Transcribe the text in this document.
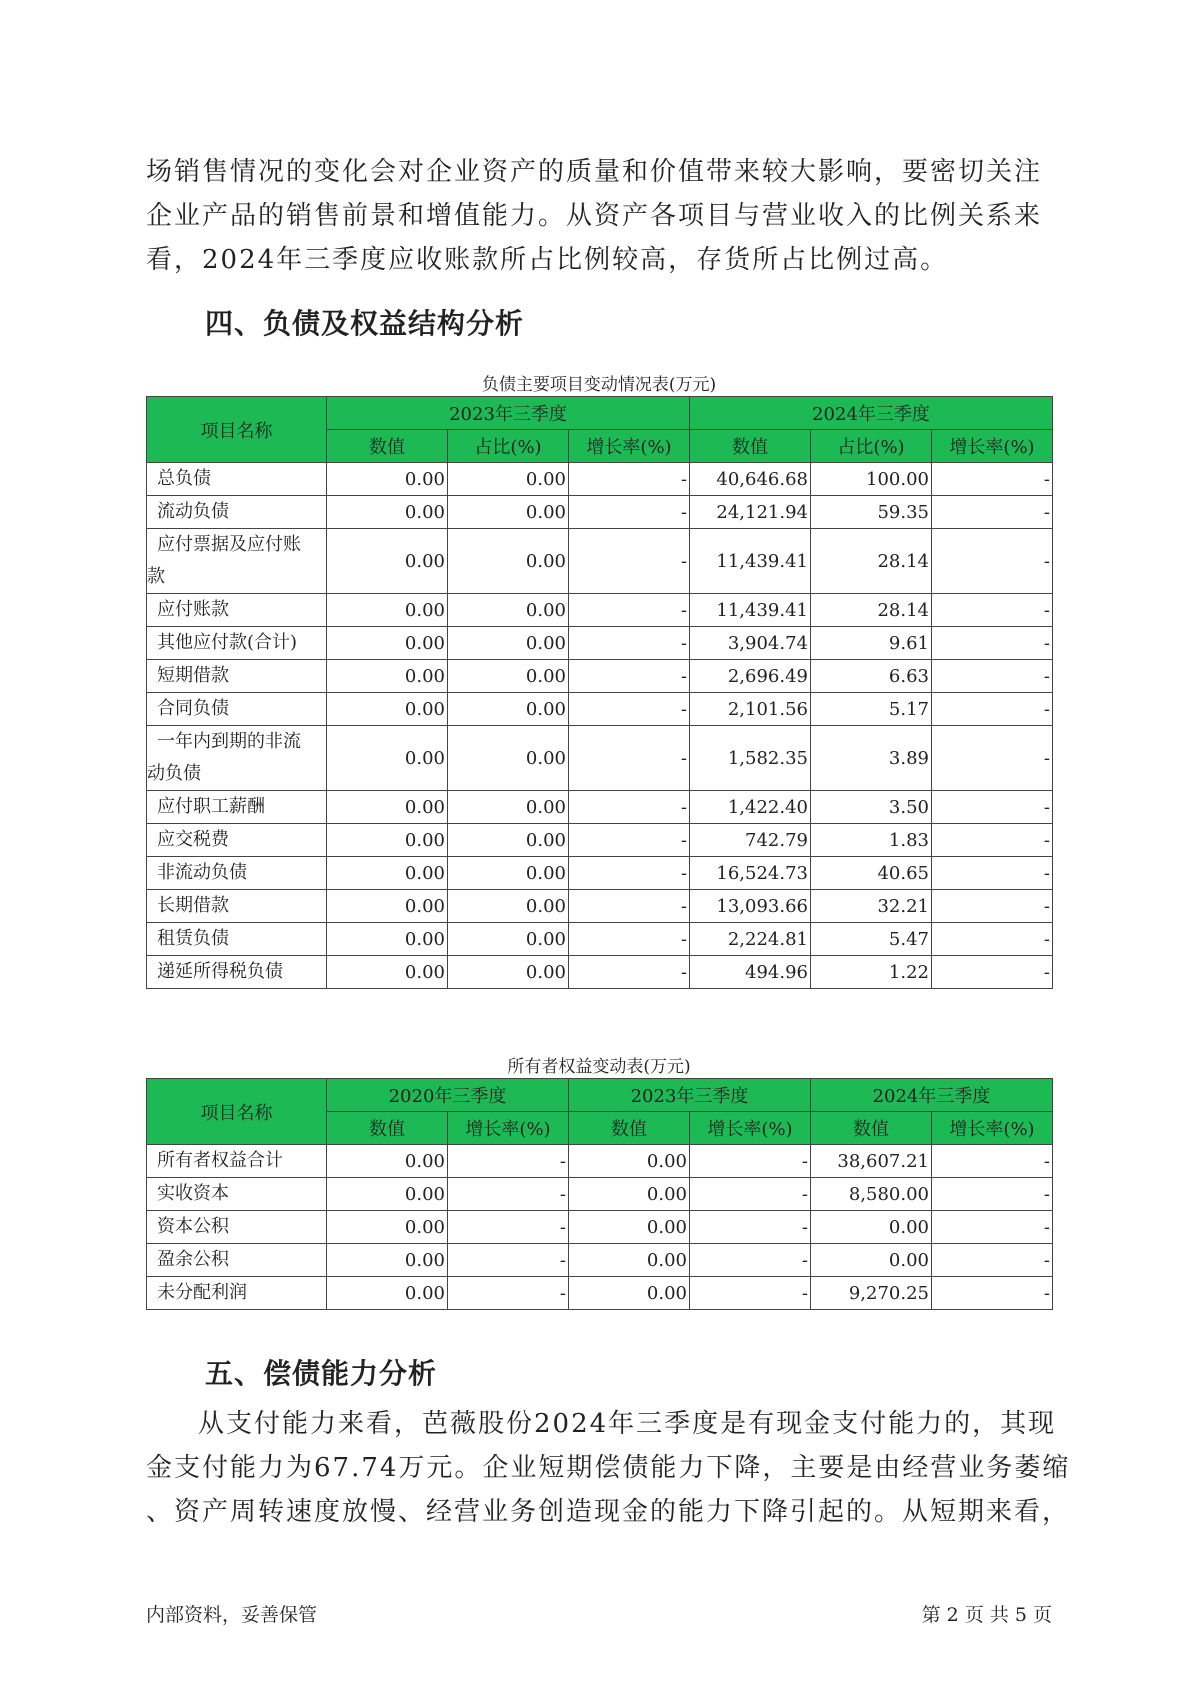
场销售情况的变化会对企业资产的质量和价值带来较大影响，要密切关注
企业产品的销售前景和增值能力。从资产各项目与营业收入的比例关系来
看，2024年三季度应收账款所占比例较高，存货所占比例过高。
四、负债及权益结构分析
负债主要项目变动情况表(万元)
项目名称	2023年三季度			2024年三季度		
	数值	占比(%)	增长率(%)	数值	占比(%)	增长率(%)
总负债	0.00	0.00	-	40,646.68	100.00	-
流动负债	0.00	0.00	-	24,121.94	59.35	-

应付票据及应付账
款	0.00	0.00	-	11,439.41	28.14	-
应付账款	0.00	0.00	-	11,439.41	28.14	-
其他应付款(合计)	0.00	0.00	-	3,904.74	9.61	-
短期借款	0.00	0.00	-	2,696.49	6.63	-
合同负债	0.00	0.00	-	2,101.56	5.17	-

一年内到期的非流
动负债	0.00	0.00	-	1,582.35	3.89	-
应付职工薪酬	0.00	0.00	-	1,422.40	3.50	-
应交税费	0.00	0.00	-	742.79	1.83	-
非流动负债	0.00	0.00	-	16,524.73	40.65	-
长期借款	0.00	0.00	-	13,093.66	32.21	-
租赁负债	0.00	0.00	-	2,224.81	5.47	-
递延所得税负债	0.00	0.00	-	494.96	1.22	-
所有者权益变动表(万元)
项目名称	2020年三季度		2023年三季度		2024年三季度	
	数值	增长率(%)	数值	增长率(%)	数值	增长率(%)
所有者权益合计	0.00	-	0.00	-	38,607.21	-
实收资本	0.00	-	0.00	-	8,580.00	-
资本公积	0.00	-	0.00	-	0.00	-
盈余公积	0.00	-	0.00	-	0.00	-
未分配利润	0.00	-	0.00	-	9,270.25	-
五、偿债能力分析
从支付能力来看，芭薇股份2024年三季度是有现金支付能力的，其现
金支付能力为67.74万元。企业短期偿债能力下降，主要是由经营业务萎缩
、资产周转速度放慢、经营业务创造现金的能力下降引起的。从短期来看，
内部资料，妥善保管	第 2 页 共 5 页
